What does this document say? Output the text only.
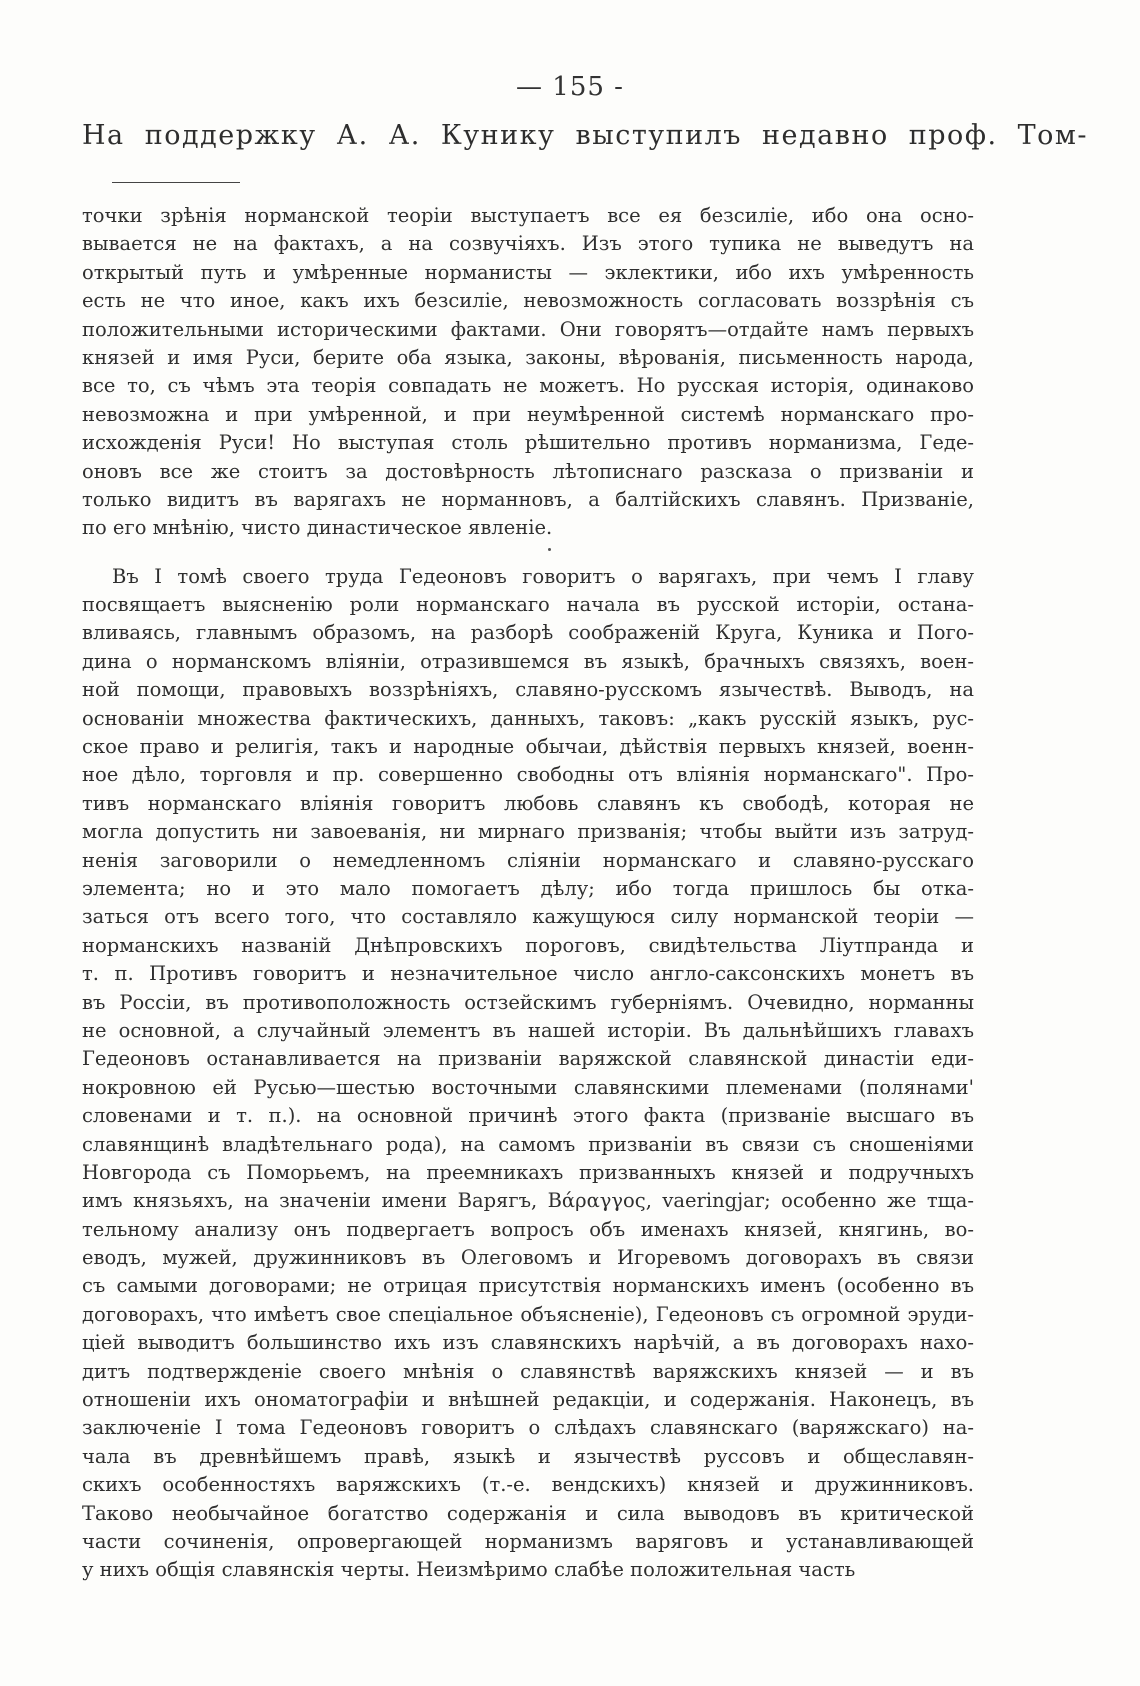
— 155 -
На поддержку А. А. Кунику выступилъ недавно проф. Том-
точки зрѣнія норманской теоріи выступаетъ все ея безсиліе, ибо она осно-
вывается не на фактахъ, а на созвучіяхъ. Изъ этого тупика не выведутъ на
открытый путь и умѣренные норманисты — эклектики, ибо ихъ умѣренность
есть не что иное, какъ ихъ безсиліе, невозможность согласовать воззрѣнія съ
положительными историческими фактами. Они говорятъ—отдайте намъ первыхъ
князей и имя Руси, берите оба языка, законы, вѣрованія, письменность народа,
все то, съ чѣмъ эта теорія совпадать не можетъ. Но русская исторія, одинаково
невозможна и при умѣренной, и при неумѣренной системѣ норманскаго про-
исхожденія Руси! Но выступая столь рѣшительно противъ норманизма, Геде-
оновъ все же стоитъ за достовѣрность лѣтописнаго разсказа о призваніи и
только видитъ въ варягахъ не норманновъ, а балтійскихъ славянъ. Призваніе,
по его мнѣнію, чисто династическое явленіе.
Въ I томѣ своего труда Гедеоновъ говоритъ о варягахъ, при чемъ I главу
посвящаетъ выясненію роли норманскаго начала въ русской исторіи, остана-
вливаясь, главнымъ образомъ, на разборѣ соображеній Круга, Куника и Пого-
дина о норманскомъ вліяніи, отразившемся въ языкѣ, брачныхъ связяхъ, воен-
ной помощи, правовыхъ воззрѣніяхъ, славяно-русскомъ язычествѣ. Выводъ, на
основаніи множества фактическихъ, данныхъ, таковъ: „какъ русскій языкъ, рус-
ское право и религія, такъ и народные обычаи, дѣйствія первыхъ князей, военн-
ное дѣло, торговля и пр. совершенно свободны отъ вліянія норманскаго". Про-
тивъ норманскаго вліянія говоритъ любовь славянъ къ свободѣ, которая не
могла допустить ни завоеванія, ни мирнаго призванія; чтобы выйти изъ затруд-
ненія заговорили о немедленномъ сліяніи норманскаго и славяно-русскаго
элемента; но и это мало помогаетъ дѣлу; ибо тогда пришлось бы отка-
заться отъ всего того, что составляло кажущуюся силу норманской теоріи —
норманскихъ названій Днѣпровскихъ пороговъ, свидѣтельства Ліутпранда и
т. п. Противъ говоритъ и незначительное число англо-саксонскихъ монетъ въ
въ Россіи, въ противоположность остзейскимъ губерніямъ. Очевидно, норманны
не основной, а случайный элементъ въ нашей исторіи. Въ дальнѣйшихъ главахъ
Гедеоновъ останавливается на призваніи варяжской славянской династіи еди-
нокровною ей Русью—шестью восточными славянскими племенами (полянами'
словенами и т. п.). на основной причинѣ этого факта (призваніе высшаго въ
славянщинѣ владѣтельнаго рода), на самомъ призваніи въ связи съ сношеніями
Новгорода съ Поморьемъ, на преемникахъ призванныхъ князей и подручныхъ
имъ князьяхъ, на значеніи имени Варягъ, Βάραγγος, vaeringjar; особенно же тща-
тельному анализу онъ подвергаетъ вопросъ объ именахъ князей, княгинь, во-
еводъ, мужей, дружинниковъ въ Олеговомъ и Игоревомъ договорахъ въ связи
съ самыми договорами; не отрицая присутствія норманскихъ именъ (особенно въ
договорахъ, что имѣетъ свое спеціальное объясненіе), Гедеоновъ съ огромной эруди-
ціей выводитъ большинство ихъ изъ славянскихъ нарѣчій, а въ договорахъ нахо-
дитъ подтвержденіе своего мнѣнія о славянствѣ варяжскихъ князей — и въ
отношеніи ихъ ономатографіи и внѣшней редакціи, и содержанія. Наконецъ, въ
заключеніе I тома Гедеоновъ говоритъ о слѣдахъ славянскаго (варяжскаго) на-
чала въ древнѣйшемъ правѣ, языкѣ и язычествѣ руссовъ и общеславян-
скихъ особенностяхъ варяжскихъ (т.-е. вендскихъ) князей и дружинниковъ.
Таково необычайное богатство содержанія и сила выводовъ въ критической
части сочиненія, опровергающей норманизмъ варяговъ и устанавливающей
у нихъ общія славянскія черты. Неизмѣримо слабѣе положительная часть
